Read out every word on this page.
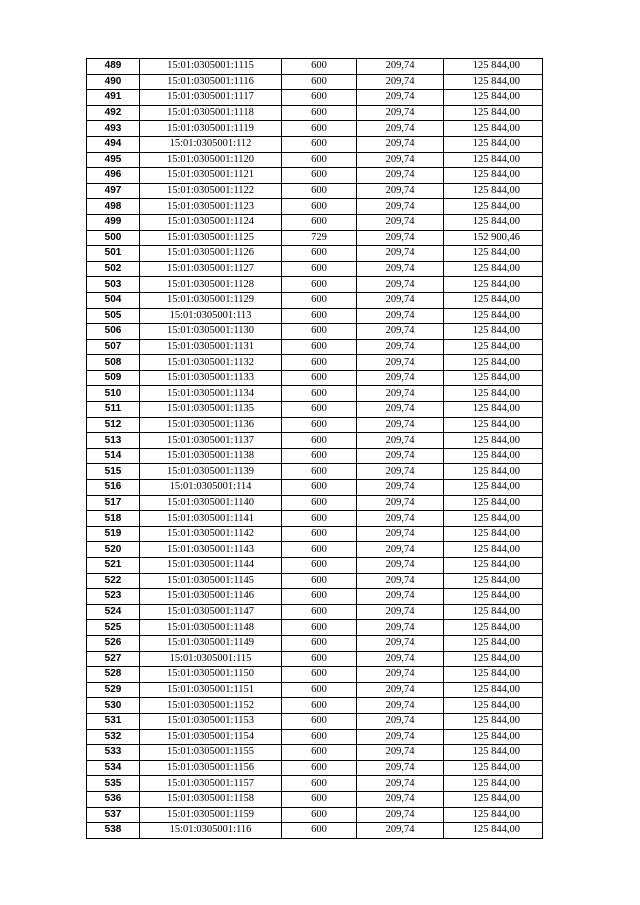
489	15:01:0305001:1115	600	209,74	125 844,00
490	15:01:0305001:1116	600	209,74	125 844,00
491	15:01:0305001:1117	600	209,74	125 844,00
492	15:01:0305001:1118	600	209,74	125 844,00
493	15:01:0305001:1119	600	209,74	125 844,00
494	15:01:0305001:112	600	209,74	125 844,00
495	15:01:0305001:1120	600	209,74	125 844,00
496	15:01:0305001:1121	600	209,74	125 844,00
497	15:01:0305001:1122	600	209,74	125 844,00
498	15:01:0305001:1123	600	209,74	125 844,00
499	15:01:0305001:1124	600	209,74	125 844,00
500	15:01:0305001:1125	729	209,74	152 900,46
501	15:01:0305001:1126	600	209,74	125 844,00
502	15:01:0305001:1127	600	209,74	125 844,00
503	15:01:0305001:1128	600	209,74	125 844,00
504	15:01:0305001:1129	600	209,74	125 844,00
505	15:01:0305001:113	600	209,74	125 844,00
506	15:01:0305001:1130	600	209,74	125 844,00
507	15:01:0305001:1131	600	209,74	125 844,00
508	15:01:0305001:1132	600	209,74	125 844,00
509	15:01:0305001:1133	600	209,74	125 844,00
510	15:01:0305001:1134	600	209,74	125 844,00
511	15:01:0305001:1135	600	209,74	125 844,00
512	15:01:0305001:1136	600	209,74	125 844,00
513	15:01:0305001:1137	600	209,74	125 844,00
514	15:01:0305001:1138	600	209,74	125 844,00
515	15:01:0305001:1139	600	209,74	125 844,00
516	15:01:0305001:114	600	209,74	125 844,00
517	15:01:0305001:1140	600	209,74	125 844,00
518	15:01:0305001:1141	600	209,74	125 844,00
519	15:01:0305001:1142	600	209,74	125 844,00
520	15:01:0305001:1143	600	209,74	125 844,00
521	15:01:0305001:1144	600	209,74	125 844,00
522	15:01:0305001:1145	600	209,74	125 844,00
523	15:01:0305001:1146	600	209,74	125 844,00
524	15:01:0305001:1147	600	209,74	125 844,00
525	15:01:0305001:1148	600	209,74	125 844,00
526	15:01:0305001:1149	600	209,74	125 844,00
527	15:01:0305001:115	600	209,74	125 844,00
528	15:01:0305001:1150	600	209,74	125 844,00
529	15:01:0305001:1151	600	209,74	125 844,00
530	15:01:0305001:1152	600	209,74	125 844,00
531	15:01:0305001:1153	600	209,74	125 844,00
532	15:01:0305001:1154	600	209,74	125 844,00
533	15:01:0305001:1155	600	209,74	125 844,00
534	15:01:0305001:1156	600	209,74	125 844,00
535	15:01:0305001:1157	600	209,74	125 844,00
536	15:01:0305001:1158	600	209,74	125 844,00
537	15:01:0305001:1159	600	209,74	125 844,00
538	15:01:0305001:116	600	209,74	125 844,00
